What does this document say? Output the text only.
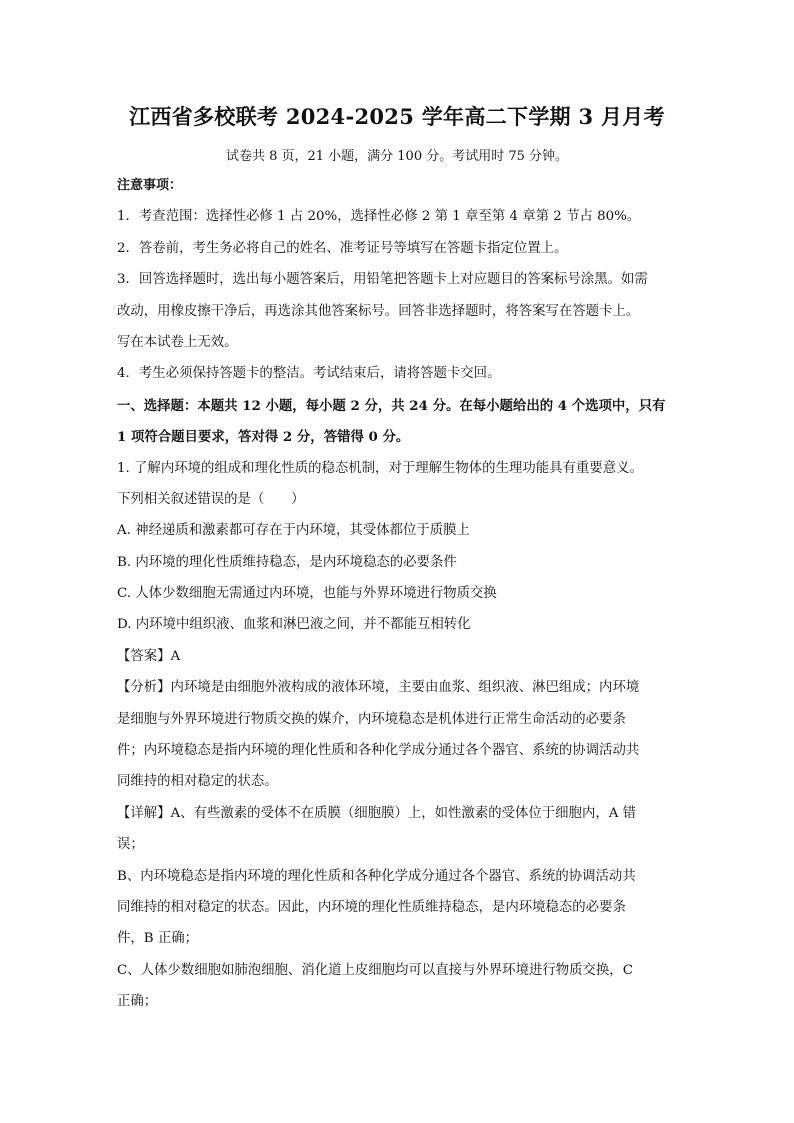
江西省多校联考 2024-2025 学年高二下学期 3 月月考
试卷共 8 页，21 小题，满分 100 分。考试用时 75 分钟。
注意事项：
1．考查范围：选择性必修 1 占 20%，选择性必修 2 第 1 章至第 4 章第 2 节占 80%。
2．答卷前，考生务必将自己的姓名、准考证号等填写在答题卡指定位置上。
3．回答选择题时，选出每小题答案后，用铅笔把答题卡上对应题目的答案标号涂黑。如需
改动，用橡皮擦干净后，再选涂其他答案标号。回答非选择题时，将答案写在答题卡上。
写在本试卷上无效。
4．考生必须保持答题卡的整洁。考试结束后，请将答题卡交回。
一、选择题：本题共 12 小题，每小题 2 分，共 24 分。在每小题给出的 4 个选项中，只有
1 项符合题目要求，答对得 2 分，答错得 0 分。
1. 了解内环境的组成和理化性质的稳态机制，对于理解生物体的生理功能具有重要意义。
下列相关叙述错误的是（　　）
A. 神经递质和激素都可存在于内环境，其受体都位于质膜上
B. 内环境的理化性质维持稳态，是内环境稳态的必要条件
C. 人体少数细胞无需通过内环境，也能与外界环境进行物质交换
D. 内环境中组织液、血浆和淋巴液之间，并不都能互相转化
【答案】A
【分析】内环境是由细胞外液构成的液体环境，主要由血浆、组织液、淋巴组成；内环境
是细胞与外界环境进行物质交换的媒介，内环境稳态是机体进行正常生命活动的必要条
件；内环境稳态是指内环境的理化性质和各种化学成分通过各个器官、系统的协调活动共
同维持的相对稳定的状态。
【详解】A、有些激素的受体不在质膜（细胞膜）上，如性激素的受体位于细胞内，A 错
误；
B、内环境稳态是指内环境的理化性质和各种化学成分通过各个器官、系统的协调活动共
同维持的相对稳定的状态。因此，内环境的理化性质维持稳态，是内环境稳态的必要条
件，B 正确；
C、人体少数细胞如肺泡细胞、消化道上皮细胞均可以直接与外界环境进行物质交换，C
正确；
